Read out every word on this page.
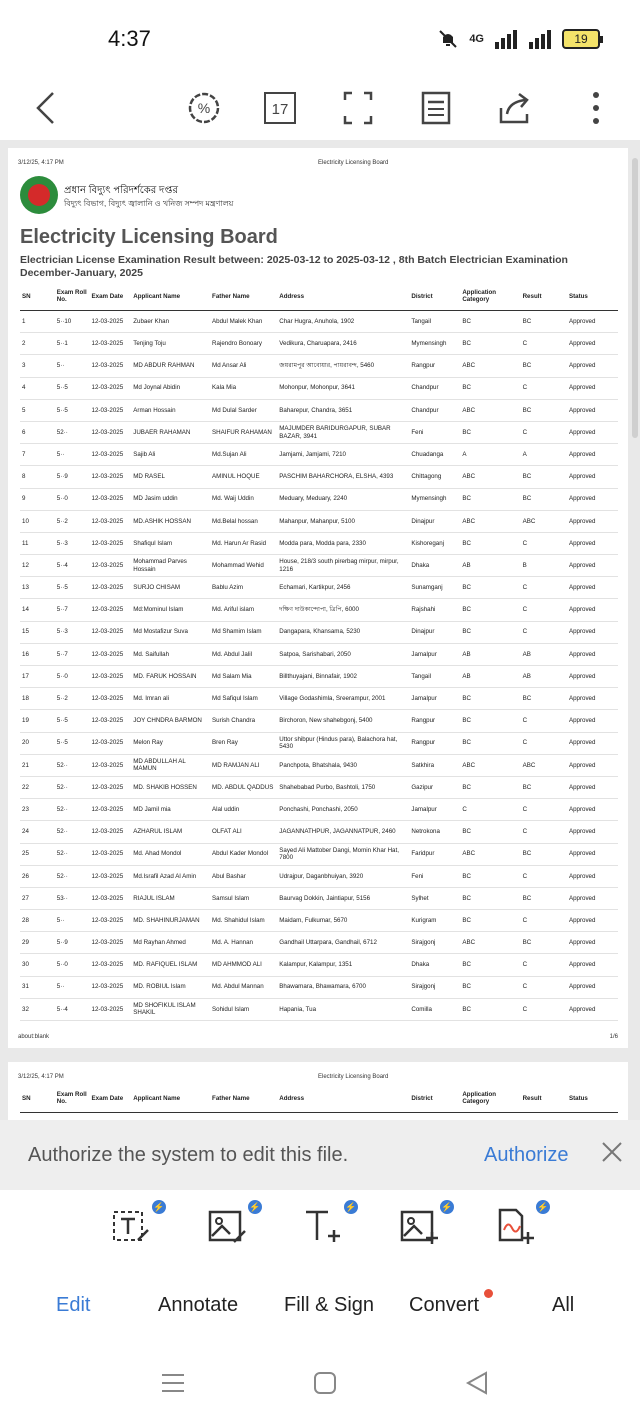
4:37	4G	19
%	17
3/12/25, 4:17 PM	Electricity Licensing Board
প্রধান বিদ্যুৎ পরিদর্শকের দপ্তর
বিদ্যুৎ বিভাগ, বিদ্যুৎ জ্বালানি ও খনিজ সম্পদ মন্ত্রণালয়
Electricity Licensing Board
Electrician License Examination Result between: 2025-03-12 to 2025-03-12 , 8th Batch Electrician Examination December-January, 2025
SN	Exam Roll No.	Exam Date	Applicant Name	Father Name	Address	District	Application Category	Result	Status
1	5··10	12-03-2025	Zubaer Khan	Abdul Malek Khan	Char Hugra, Anuhola, 1902	Tangail	BC	BC	Approved
2	5··1	12-03-2025	Tenjing Toju	Rajendro Bonoary	Vedikura, Charuapara, 2416	Mymensingh	BC	C	Approved
3	5··	12-03-2025	MD ABDUR RAHMAN	Md Ansar Ali	জয়রামপুর আবোয়ার, পায়রাবন্দ, 5460	Rangpur	ABC	BC	Approved
4	5··5	12-03-2025	Md Joynal Abidin	Kala Mia	Mohonpur, Mohonpur, 3641	Chandpur	BC	C	Approved
5	5··5	12-03-2025	Arman Hossain	Md Dulal Sarder	Baharepur, Chandra, 3651	Chandpur	ABC	BC	Approved
6	52··	12-03-2025	JUBAER RAHAMAN	SHAIFUR RAHAMAN	MAJUMDER BARIDURGAPUR, SUBAR BAZAR, 3941	Feni	BC	C	Approved
7	5··	12-03-2025	Sajib Ali	Md.Sujan Ali	Jamjami, Jamjami, 7210	Chuadanga	A	A	Approved
8	5··9	12-03-2025	MD RASEL	AMINUL HOQUE	PASCHIM BAHARCHORA, ELSHA, 4393	Chittagong	ABC	BC	Approved
9	5··0	12-03-2025	MD Jasim uddin	Md. Waij Uddin	Meduary, Meduary, 2240	Mymensingh	BC	BC	Approved
10	5··2	12-03-2025	MD.ASHIK HOSSAN	Md.Belal hossan	Mahanpur, Mahanpur, 5100	Dinajpur	ABC	ABC	Approved
11	5··3	12-03-2025	Shafiqul Islam	Md. Harun Ar Rasid	Modda para, Modda para, 2330	Kishoreganj	BC	C	Approved
12	5··4	12-03-2025	Mohammad Parves Hossain	Mohammad Wehid	House, 218/3 south pirerbag mirpur, mirpur, 1216	Dhaka	AB	B	Approved
13	5··5	12-03-2025	SURJO CHISAM	Bablu Azim	Echamari, Kartikpur, 2456	Sunamganj	BC	C	Approved
14	5··7	12-03-2025	Md:Mominul Islam	Md. Ariful islam	দক্ষিণ দাউকান্দোপা, ত্রিপি, 6000	Rajshahi	BC	C	Approved
15	5··3	12-03-2025	Md Mostafizur Suva	Md Shamim Islam	Dangapara, Khansama, 5230	Dinajpur	BC	C	Approved
16	5··7	12-03-2025	Md. Saifullah	Md. Abdul Jalil	Satpoa, Sarishabari, 2050	Jamalpur	AB	AB	Approved
17	5··0	12-03-2025	MD. FARUK HOSSAIN	Md Salam Mia	Billthuyajani, Binnafair, 1902	Tangail	AB	AB	Approved
18	5··2	12-03-2025	Md. Imran ali	Md Safiqul Islam	Village Godashimla, Sreerampur, 2001	Jamalpur	BC	BC	Approved
19	5··5	12-03-2025	JOY CHNDRA BARMON	Surish Chandra	Birchoron, New shahebgonj, 5400	Rangpur	BC	C	Approved
20	5··5	12-03-2025	Melon Ray	Bren Ray	Uttor shibpur (Hindus para), Balachora hat, 5430	Rangpur	BC	C	Approved
21	52··	12-03-2025	MD ABDULLAH AL MAMUN	MD RAMJAN ALI	Panchpota, Bhatshala, 9430	Satkhira	ABC	ABC	Approved
22	52··	12-03-2025	MD. SHAKIB HOSSEN	MD. ABDUL QADDUS	Shahebabad Purbo, Bashtoli, 1750	Gazipur	BC	BC	Approved
23	52··	12-03-2025	MD Jamil mia	Alal uddin	Ponchashi, Ponchashi, 2050	Jamalpur	C	C	Approved
24	52··	12-03-2025	AZHARUL ISLAM	OLFAT ALI	JAGANNATHPUR, JAGANNATPUR, 2460	Netrokona	BC	C	Approved
25	52··	12-03-2025	Md. Ahad Mondol	Abdul Kader Mondol	Sayed Ali Mattober Dangi, Momin Khar Hat, 7800	Faridpur	ABC	BC	Approved
26	52··	12-03-2025	Md.Israfil Azad Al Amin	Abul Bashar	Udrajpur, Daganbhuiyan, 3920	Feni	BC	C	Approved
27	53··	12-03-2025	RIAJUL ISLAM	Samsul Islam	Baurvag Dokkin, Jaintiapur, 5156	Sylhet	BC	BC	Approved
28	5··	12-03-2025	MD. SHAHINURJAMAN	Md. Shahidul Islam	Maidam, Fulkumar, 5670	Kurigram	BC	C	Approved
29	5··9	12-03-2025	Md Rayhan Ahmed	Md. A. Hannan	Gandhail Uttarpara, Gandhail, 6712	Sirajgonj	ABC	BC	Approved
30	5··0	12-03-2025	MD. RAFIQUEL ISLAM	MD AHMMOD ALI	Kalampur, Kalampur, 1351	Dhaka	BC	C	Approved
31	5··	12-03-2025	MD. ROBIUL Islam	Md. Abdul Mannan	Bhawamara, Bhawamara, 6700	Sirajgonj	BC	C	Approved
32	5··4	12-03-2025	MD SHOFIKUL ISLAM SHAKIL	Sohidul Islam	Hapania, Tua	Comilla	BC	C	Approved
about:blank	1/6
3/12/25, 4:17 PM	Electricity Licensing Board
SN	Exam Roll No.	Exam Date	Applicant Name	Father Name	Address	District	Application Category	Result	Status
Authorize the system to edit this file.	Authorize
⚡	⚡	⚡	⚡	⚡
Edit	Annotate Fill & Sign Convert	All
